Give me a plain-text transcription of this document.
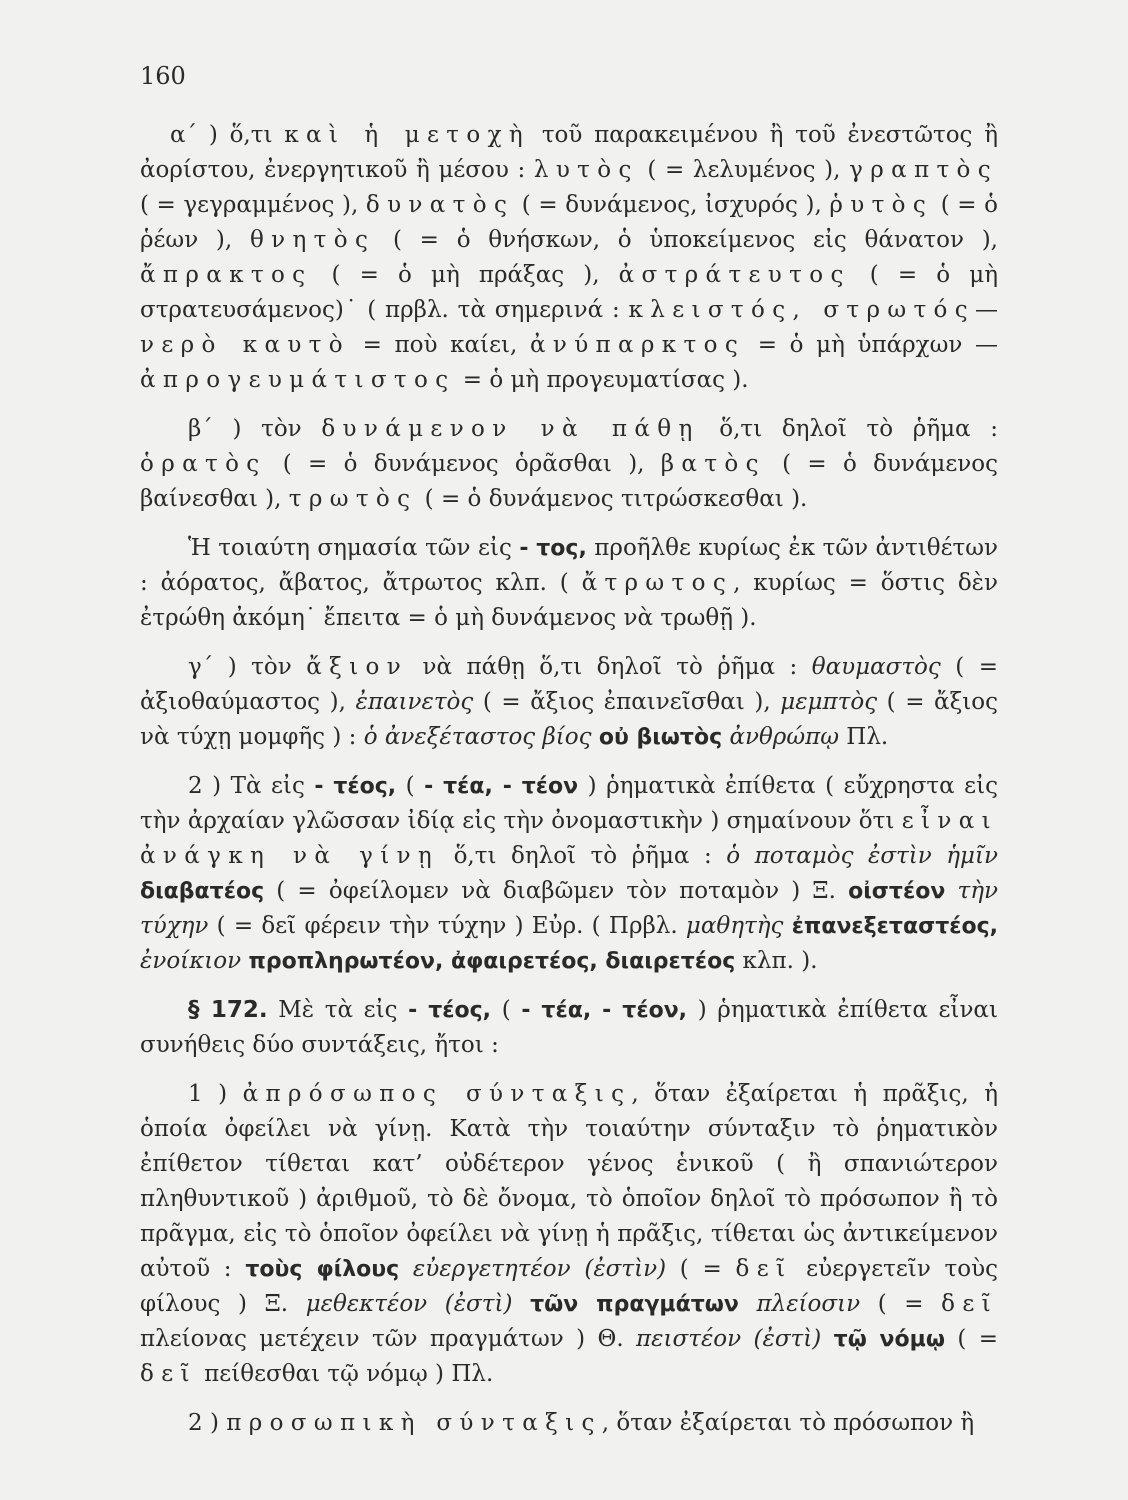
160

α΄ ) ὅ,τι καὶ ἡ μετοχὴ τοῦ παρακειμένου ἢ τοῦ ἐνεστῶτος ἢ ἀορίστου, ἐνεργητικοῦ ἢ μέσου : λυτὸς ( = λελυμένος ), γραπτὸς ( = γεγραμμένος ), δυνατὸς ( = δυνάμενος, ἰσχυρός ), ῥυτὸς ( = ὁ ῥέων ), θνητὸς ( = ὁ θνήσκων, ὁ ὑποκείμενος εἰς θάνατον ), ἄπρακτος ( = ὁ μὴ πράξας ), ἀστράτευτος ( = ὁ μὴ στρατευσάμενος)˙ ( πρβλ. τὰ σημερινά : κλειστός, στρωτός—νερὸ καυτὸ = ποὺ καίει, ἀνύπαρκτος = ὁ μὴ ὑπάρχων — ἀπρογευμάτιστος = ὁ μὴ προγευματίσας ).

β΄ ) τὸν δυνάμενον νὰ πάθῃ ὅ,τι δηλοῖ τὸ ῥῆμα : ὁρατὸς ( = ὁ δυνάμενος ὁρᾶσθαι ), βατὸς ( = ὁ δυνάμενος βαίνεσθαι ), τρωτὸς ( = ὁ δυνάμενος τιτρώσκεσθαι ).

Ἡ τοιαύτη σημασία τῶν εἰς - τος, προῆλθε κυρίως ἐκ τῶν ἀντιθέτων : ἀόρατος, ἄβατος, ἄτρωτος κλπ. ( ἄτρωτος, κυρίως = ὅστις δὲν ἐτρώθη ἀκόμη˙ ἔπειτα = ὁ μὴ δυνάμενος νὰ τρωθῇ ).

γ΄ ) τὸν ἄξιον νὰ πάθῃ ὅ,τι δηλοῖ τὸ ῥῆμα : θαυμαστὸς ( = ἀξιοθαύμαστος ), ἐπαινετὸς ( = ἄξιος ἐπαινεῖσθαι ), μεμπτὸς ( = ἄξιος νὰ τύχῃ μομφῆς ) : ὁ ἀνεξέταστος βίος οὐ βιωτὸς ἀνθρώπῳ Πλ.

2 ) Τὰ εἰς - τέος, ( - τέα, - τέον ) ῥηματικὰ ἐπίθετα ( εὔχρηστα εἰς τὴν ἀρχαίαν γλῶσσαν ἰδίᾳ εἰς τὴν ὀνομαστικὴν ) σημαίνουν ὅτι εἶναι ἀνάγκη νὰ γίνῃ ὅ,τι δηλοῖ τὸ ῥῆμα : ὁ ποταμὸς ἐστὶν ἡμῖν διαβατέος ( = ὀφείλομεν νὰ διαβῶμεν τὸν ποταμὸν ) Ξ. οἰστέον τὴν τύχην ( = δεῖ φέρειν τὴν τύχην ) Εὐρ. ( Πρβλ. μαθητὴς ἐπανεξεταστέος, ἐνοίκιον προπληρωτέον, ἀφαιρετέος, διαιρετέος κλπ. ).

§ 172. Μὲ τὰ εἰς - τέος, ( - τέα, - τέον, ) ῥηματικὰ ἐπίθετα εἶναι συνήθεις δύο συντάξεις, ἤτοι :

1 ) ἀπρόσωπος σύνταξις, ὅταν ἐξαίρεται ἡ πρᾶξις, ἡ ὁποία ὀφείλει νὰ γίνῃ. Κατὰ τὴν τοιαύτην σύνταξιν τὸ ῥηματικὸν ἐπίθετον τίθεται κατ’ οὐδέτερον γένος ἑνικοῦ ( ἢ σπανιώτερον πληθυντικοῦ ) ἀριθμοῦ, τὸ δὲ ὄνομα, τὸ ὁποῖον δηλοῖ τὸ πρόσωπον ἢ τὸ πρᾶγμα, εἰς τὸ ὁποῖον ὀφείλει νὰ γίνῃ ἡ πρᾶξις, τίθεται ὡς ἀντικείμενον αὐτοῦ : τοὺς φίλους εὐεργετητέον (ἐστὶν) ( = δεῖ εὐεργετεῖν τοὺς φίλους ) Ξ. μεθεκτέον (ἐστὶ) τῶν πραγμάτων πλείοσιν ( = δεῖ πλείονας μετέχειν τῶν πραγμάτων ) Θ. πειστέον (ἐστὶ) τῷ νόμῳ ( = δεῖ πείθεσθαι τῷ νόμῳ ) Πλ.

2 ) προσωπικὴ σύνταξις, ὅταν ἐξαίρεται τὸ πρόσωπον ἢ
